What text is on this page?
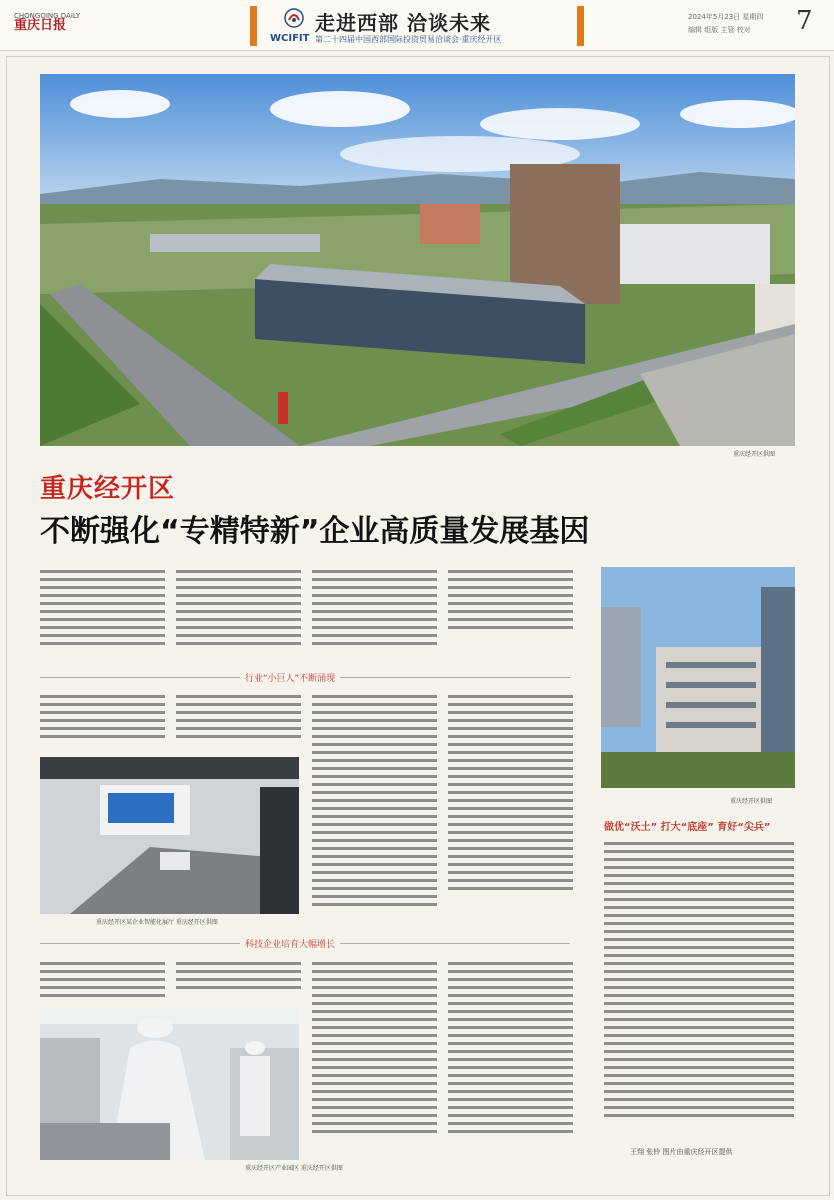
CHONGQING DAILY
重庆日报
WCIFIT
走进西部 洽谈未来
第二十四届中国西部国际投资贸易洽谈会·重庆经开区
2024年5月23日 星期四
编辑 组版 主管 校对 7
重庆经开区供图
重庆经开区
不断强化“专精特新”企业高质量发展基因
重庆经开区供图
行业“小巨人”不断涌现
重庆经开区某企业智能化展厅 重庆经开区供图
做优“沃土” 打大“底座” 育好“尖兵”
王翔 张铃 图片由重庆经开区提供
科技企业培育大幅增长
重庆经开区产业园区 重庆经开区供图
